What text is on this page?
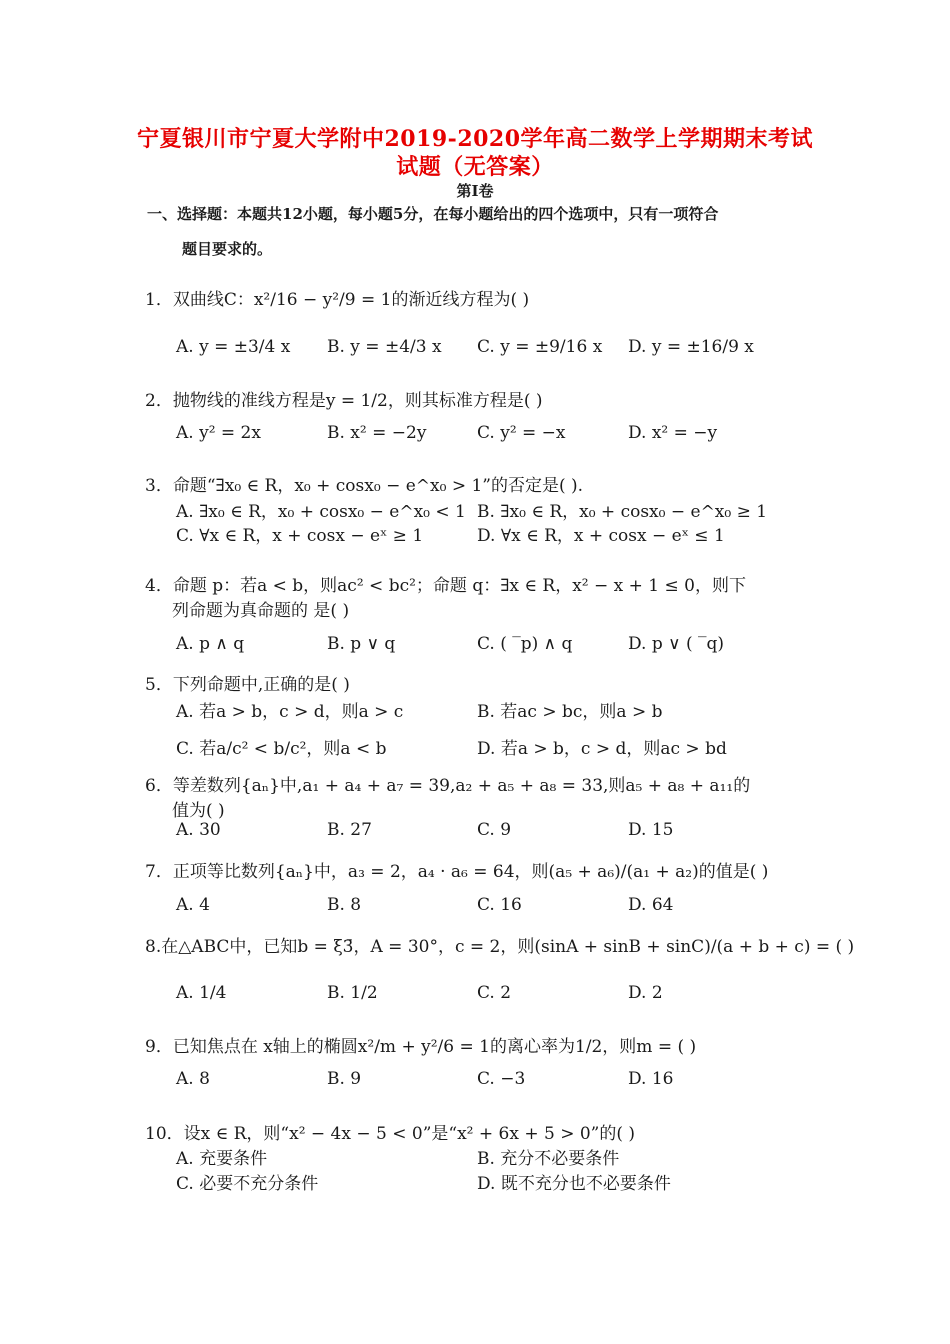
宁夏银川市宁夏大学附中2019-2020学年高二数学上学期期末考试
试题（无答案）
第Ⅰ卷
一、选择题：本题共12小题，每小题5分，在每小题给出的四个选项中，只有一项符合
题目要求的。
1．双曲线C：x²/16 − y²/9 = 1的渐近线方程为( )
A. y = ±3/4 x B. y = ±4/3 x C. y = ±9/16 x D. y = ±16/9 x
2．抛物线的准线方程是y = 1/2，则其标准方程是( )
A. y² = 2x	B. x² = −2y	C. y² = −x	D. x² = −y
3．命题“∃x₀ ∈ R，x₀ + cosx₀ − e^x₀ > 1”的否定是( ).
A. ∃x₀ ∈ R，x₀ + cosx₀ − e^x₀ < 1 B. ∃x₀ ∈ R，x₀ + cosx₀ − e^x₀ ≥ 1
C. ∀x ∈ R，x + cosx − eˣ ≥ 1	D. ∀x ∈ R，x + cosx − eˣ ≤ 1
4．命题 p：若a < b，则ac² < bc²；命题 q：∃x ∈ R，x² − x + 1 ≤ 0，则下
列命题为真命题的 是( )
A. p ∧ q	B. p ∨ q	C. ( ‾p) ∧ q	D. p ∨ ( ‾q)
5．下列命题中,正确的是( )
A. 若a > b，c > d，则a > c	B. 若ac > bc，则a > b
C. 若a/c² < b/c²，则a < b	D. 若a > b，c > d，则ac > bd
6．等差数列{aₙ}中,a₁ + a₄ + a₇ = 39,a₂ + a₅ + a₈ = 33,则a₅ + a₈ + a₁₁的
值为( )
A. 30	B. 27	C. 9	D. 15
7．正项等比数列{aₙ}中，a₃ = 2，a₄ · a₆ = 64，则(a₅ + a₆)/(a₁ + a₂)的值是( )
A. 4	B. 8	C. 16	D. 64
8.在△ABC中，已知b = ξ3̄，A = 30°，c = 2，则(sinA + sinB + sinC)/(a + b + c) = ( )
A. 1/4	B. 1/2	C. 2	D. 2
9．已知焦点在 x轴上的椭圆x²/m + y²/6 = 1的离心率为1/2，则m = ( )
A. 8	B. 9	C. −3	D. 16
10．设x ∈ R，则“x² − 4x − 5 < 0”是“x² + 6x + 5 > 0”的( )
A. 充要条件	B. 充分不必要条件
C. 必要不充分条件	D. 既不充分也不必要条件
